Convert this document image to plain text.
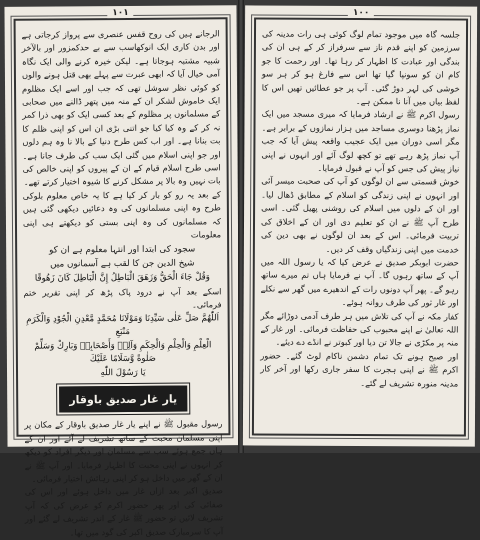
الرجانے ہیں کی روح قفس عنصری سے پرواز کرجاتی ہے اور بدن کاری ایک انوکھاسب سے بے حدکمزور اور بالآخر شبیہ مشتبہ ہوجاتا ہے۔ لیکن خیرہ کرنے والی ایک نگاہ آمی خیال آیا کہ ابھی عبرت سے پہلے بھی قتل ہونے والوں کو کوئی نظر سوشل تھی کہ جب اور اسے ایک مظلوم ایک خاموش لشکر ان کے منہ میں پتھر ڈالنے میں صحابی کے مسلمانوں پر مظلوم کے بعد کسی ایک کو بھی ذرا کمر نہ کر کے وہ کیا کیا جو اتنی بڑی ان اس کو اپنی ظلم کا بت بنانا ہے۔ اور اب کس طرح دنیا کے بالا نا وہ ہم دلوں اور جو اپنی اسلام میں گئی ایک سب کی طرف جانا ہے۔ اسی طرح اسلام قیام کے ان کے پیروں کو اپنی خالص کی بات نہیں وہ بالا پر مشکل کرنے کا شیوہ اختیار کرتے تھے۔

کے بعد یہ رو کو بار کر کیا ہے کا یہ خاص معلوم بلوکی طرح وہ اپنی مسلمانوں کی وہ دعائیں دیکھی گئی ہیں کہ مسلمانوں کی وہ اپنی بستی کو دیکھتے ہی اپنی معلومات

سجود کی ابتدا اور انتہا معلوم ہے ان کو
شیخ الدین جن کا لقب ہے آسمانوں میں
وَقُلْ جَاءَ الْحَقُّ وَزَهَقَ الْبَاطِلُ إِنَّ الْبَاطِلَ كَانَ زَهُوقًا

اسکے بعد آپ نے درود پاک پڑھ کر اپنی تقریر ختم فرمائی۔

اَللّٰهُمَّ صَلِّ عَلٰى سَيِّدِنَا وَمَوْلَانَا مُحَمَّدٍ مَّعْدِنِ الْجُوْدِ وَالْكَرَمِ مَنْبَعِ
الْعِلْمِ وَالْحِلْمِ وَالْحِكَمِ وَآلِهٖ وَأَصْحَابِهٖ وَبَارِكْ وَسَلِّمْ صَلٰوةً وَّسَلَامًا عَلَيْكَ
يَا رَسُوْلَ اللّٰهِ
یار غار صدیق باوقار

رسول مقبول ﷺ نے اپنے یار غار صدیق باوقار کے مکان پر اپنی مسلمان محبت کے ساتھ تشریف لے آئے اور ان کے ہاں جمع ہوئے سب سے مسلمان اور دیگر افراد کو دیکھ کر انہوں نے اپنی محبت کا اظہار فرمایا۔ اور آپ ﷺ نے ان کے گھر میں داخل ہو کر اپنی رہائش اختیار فرمائی۔

صدیق اکبر بعد ازاں غار میں داخل ہوئے اور اس کی صفائی کی اور پھر حضور اکرم کو عرض کی کہ آپ تشریف لائیں تو حضور ﷺ غار کے اندر تشریف لے گئے اور آپ کا سرمبارک صدیق اکبر کی گود میں تھا۔

۱۰۱

جلسہ گاہ میں موجود تمام لوگ کوئی ہی رات مدینہ کی سرزمین کو اپنے قدم ناز سے سرفراز کر کے ہی ان کی بندگی اور عبادت کا اظہار کر رہا تھا۔ اور رحمت کا جو کام ان کو سونپا گیا تھا اس سے فارغ ہو کر ہر سو خوشی کی لہر دوڑ گئی۔ آپ پر جو عطائیں تھیں اس کا لفظ بیاں میں آنا نا ممکن ہے۔

رسول اکرم ﷺ نے ارشاد فرمایا کہ میری مسجد میں ایک نماز پڑھنا دوسری مساجد میں ہزار نمازوں کے برابر ہے۔ مگر اسی دوران میں ایک عجیب واقعہ پیش آیا کہ جب آپ نماز پڑھ رہے تھے تو کچھ لوگ آئے اور انہوں نے اپنی نیاز پیش کی جس کو آپ نے قبول فرمایا۔

خوش قسمتی سے ان لوگوں کو آپ کی صحبت میسر آئی اور انہوں نے اپنی زندگی کو اسلام کے مطابق ڈھال لیا۔ اور ان کے دلوں میں اسلام کی روشنی پھیل گئی۔ اسی طرح آپ ﷺ نے ان کو تعلیم دی اور ان کے اخلاق کی تربیت فرمائی۔ اس کے بعد ان لوگوں نے بھی دین کی خدمت میں اپنی زندگیاں وقف کر دیں۔

حضرت ابوبکر صدیق نے عرض کیا کہ یا رسول اللہ میں آپ کے ساتھ رہوں گا۔ آپ نے فرمایا ہاں تم میرے ساتھ رہو گے۔ پھر آپ دونوں رات کے اندھیرے میں گھر سے نکلے اور غار ثور کی طرف روانہ ہوئے۔

کفار مکہ نے آپ کی تلاش میں ہر طرف آدمی دوڑائے مگر اللہ تعالیٰ نے اپنے محبوب کی حفاظت فرمائی۔ اور غار کے منہ پر مکڑی نے جالا تن دیا اور کبوتر نے انڈے دے دیئے۔

اور صبح ہونے تک تمام دشمن ناکام لوٹ گئے۔ حضور اکرم ﷺ نے اپنی ہجرت کا سفر جاری رکھا اور آخر کار مدینہ منورہ تشریف لے گئے۔

۱۰۰
